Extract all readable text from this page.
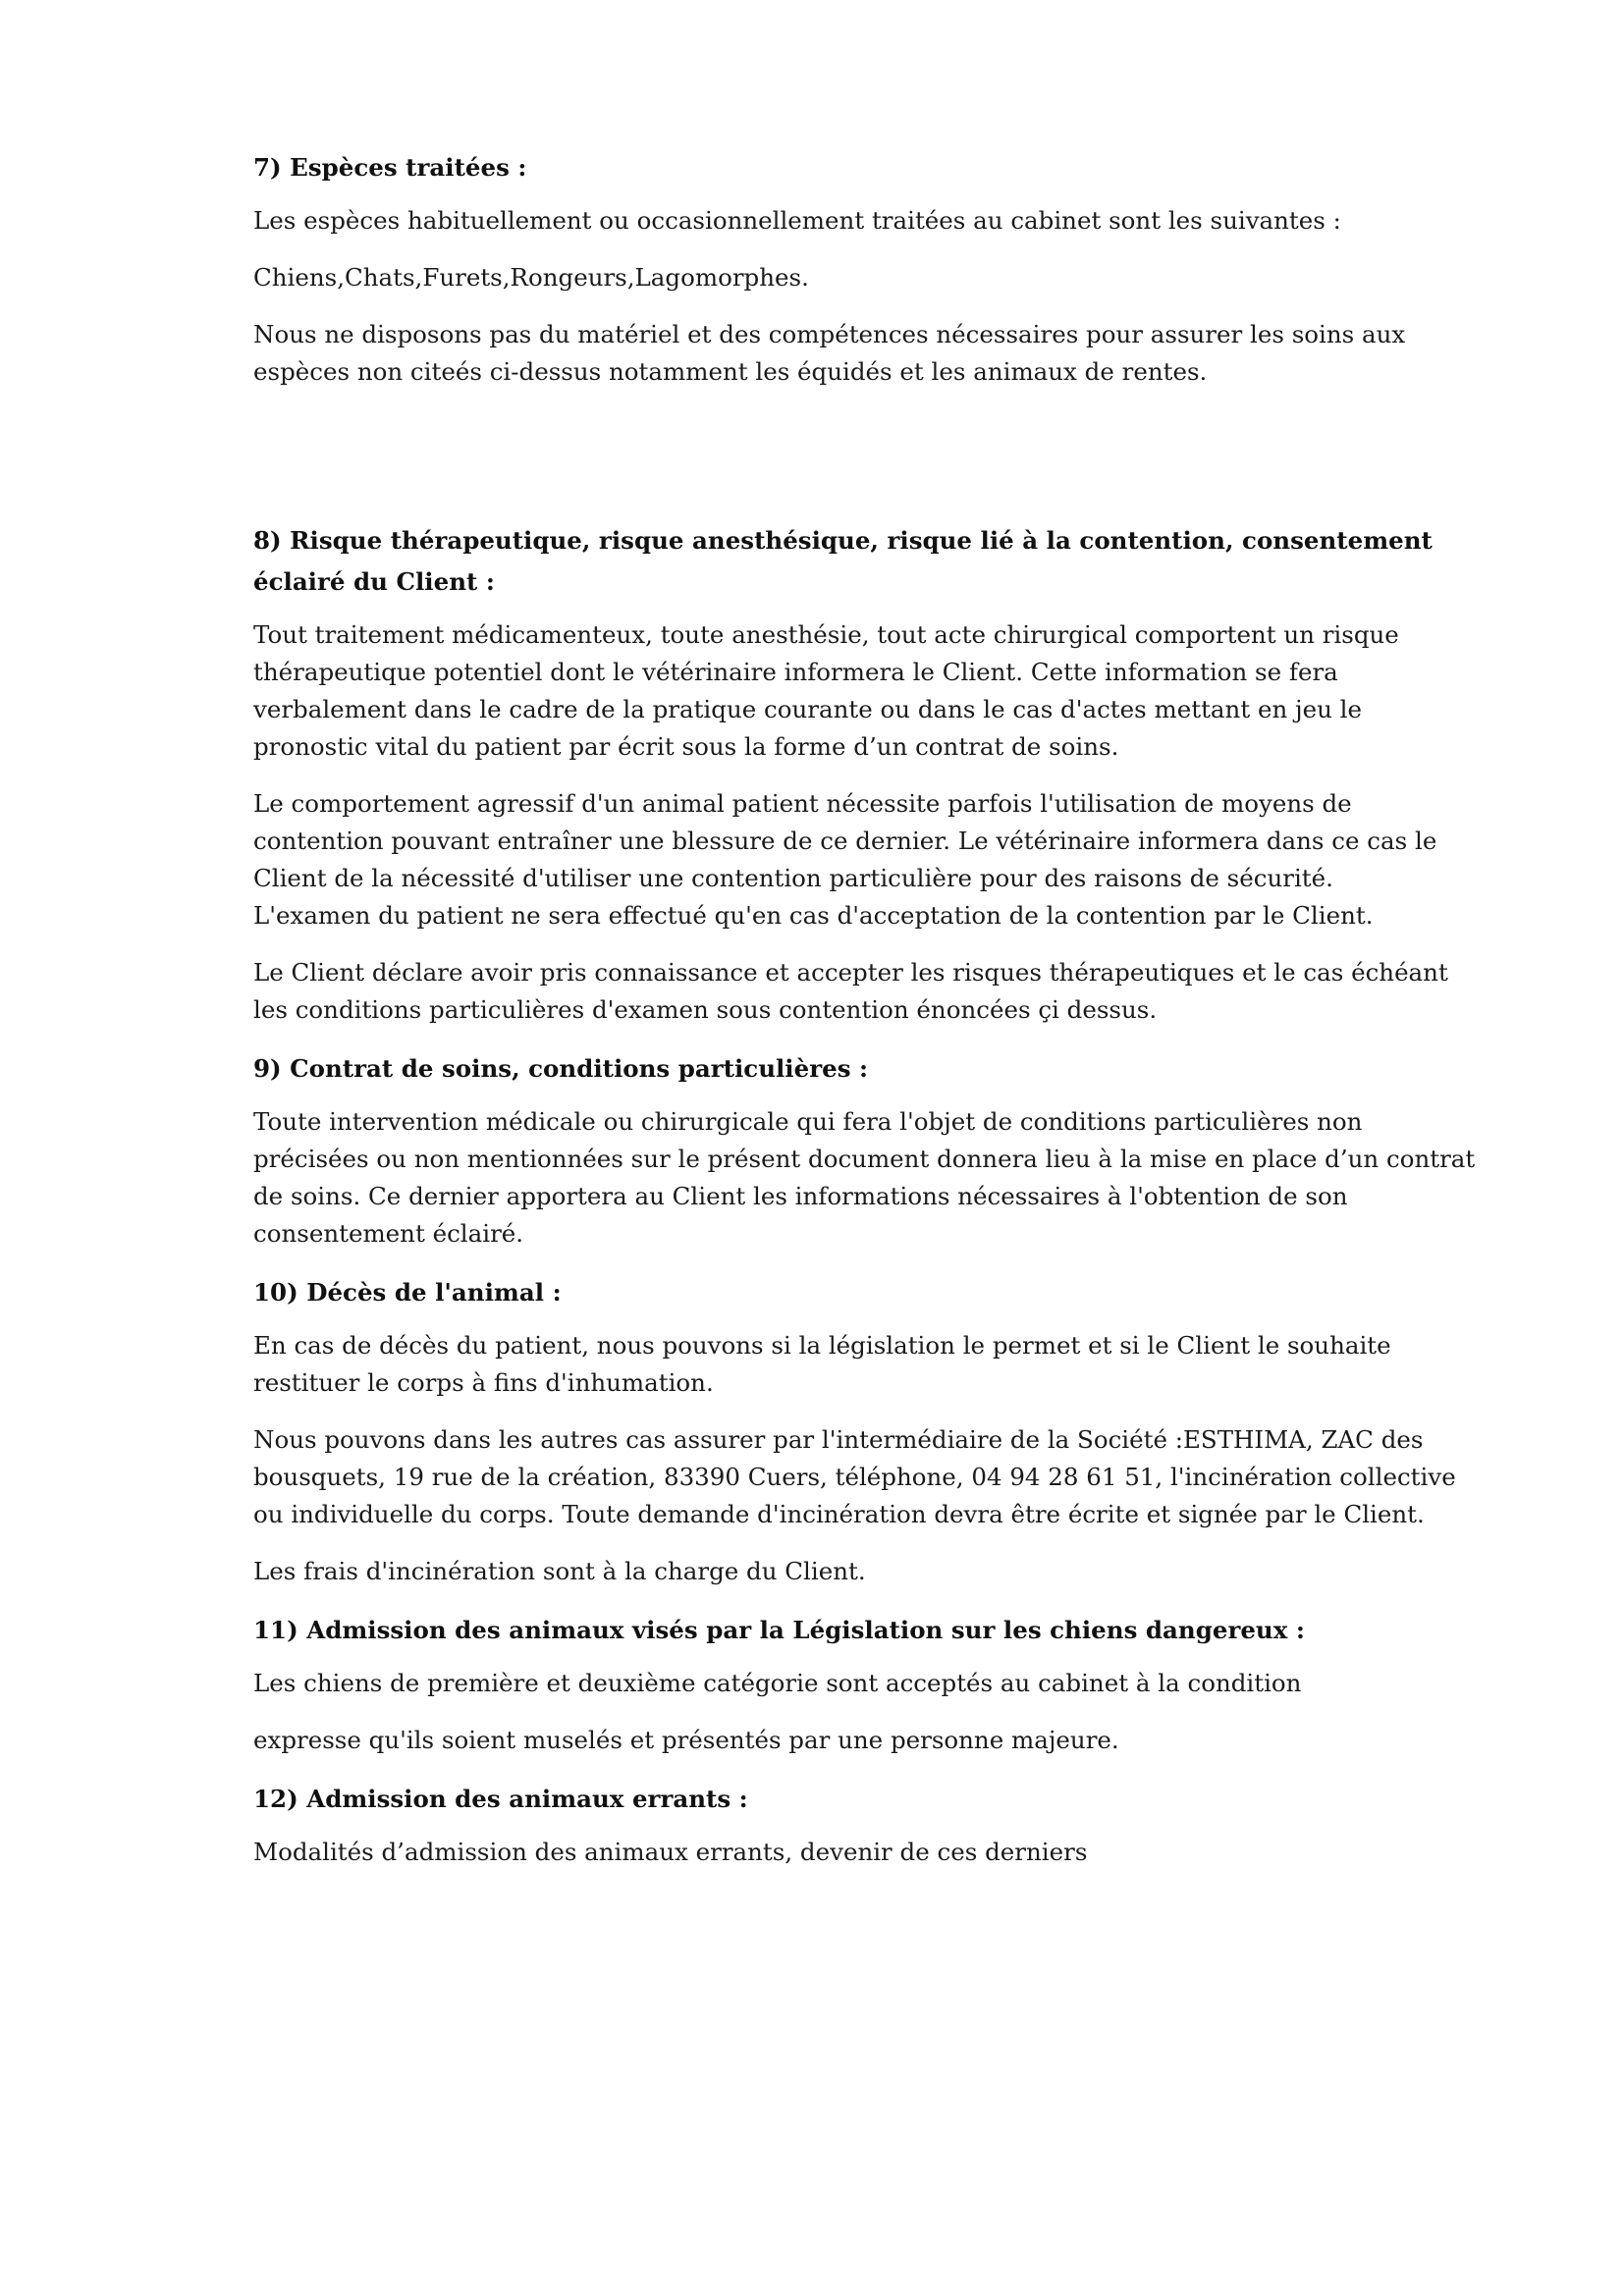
7) Espèces traitées :

Les espèces habituellement ou occasionnellement traitées au cabinet sont les suivantes :

Chiens,Chats,Furets,Rongeurs,Lagomorphes.

Nous ne disposons pas du matériel et des compétences nécessaires pour assurer les soins aux espèces non citeés ci-dessus notamment les équidés et les animaux de rentes.

8) Risque thérapeutique, risque anesthésique, risque lié à la contention, consentement éclairé du Client :

Tout traitement médicamenteux, toute anesthésie, tout acte chirurgical comportent un risque thérapeutique potentiel dont le vétérinaire informera le Client. Cette information se fera verbalement dans le cadre de la pratique courante ou dans le cas d'actes mettant en jeu le pronostic vital du patient par écrit sous la forme d’un contrat de soins.

Le comportement agressif d'un animal patient nécessite parfois l'utilisation de moyens de contention pouvant entraîner une blessure de ce dernier. Le vétérinaire informera dans ce cas le Client de la nécessité d'utiliser une contention particulière pour des raisons de sécurité.

L'examen du patient ne sera effectué qu'en cas d'acceptation de la contention par le Client.

Le Client déclare avoir pris connaissance et accepter les risques thérapeutiques et le cas échéant les conditions particulières d'examen sous contention énoncées çi dessus.

9) Contrat de soins, conditions particulières :

Toute intervention médicale ou chirurgicale qui fera l'objet de conditions particulières non précisées ou non mentionnées sur le présent document donnera lieu à la mise en place d’un contrat de soins. Ce dernier apportera au Client les informations nécessaires à l'obtention de son consentement éclairé.

10) Décès de l'animal :

En cas de décès du patient, nous pouvons si la législation le permet et si le Client le souhaite restituer le corps à fins d'inhumation.

Nous pouvons dans les autres cas assurer par l'intermédiaire de la Société :ESTHIMA, ZAC des bousquets, 19 rue de la création, 83390 Cuers, téléphone, 04 94 28 61 51, l'incinération collective ou individuelle du corps. Toute demande d'incinération devra être écrite et signée par le Client.

Les frais d'incinération sont à la charge du Client.

11) Admission des animaux visés par la Législation sur les chiens dangereux :

Les chiens de première et deuxième catégorie sont acceptés au cabinet à la condition

expresse qu'ils soient muselés et présentés par une personne majeure.

12) Admission des animaux errants :

Modalités d’admission des animaux errants, devenir de ces derniers
